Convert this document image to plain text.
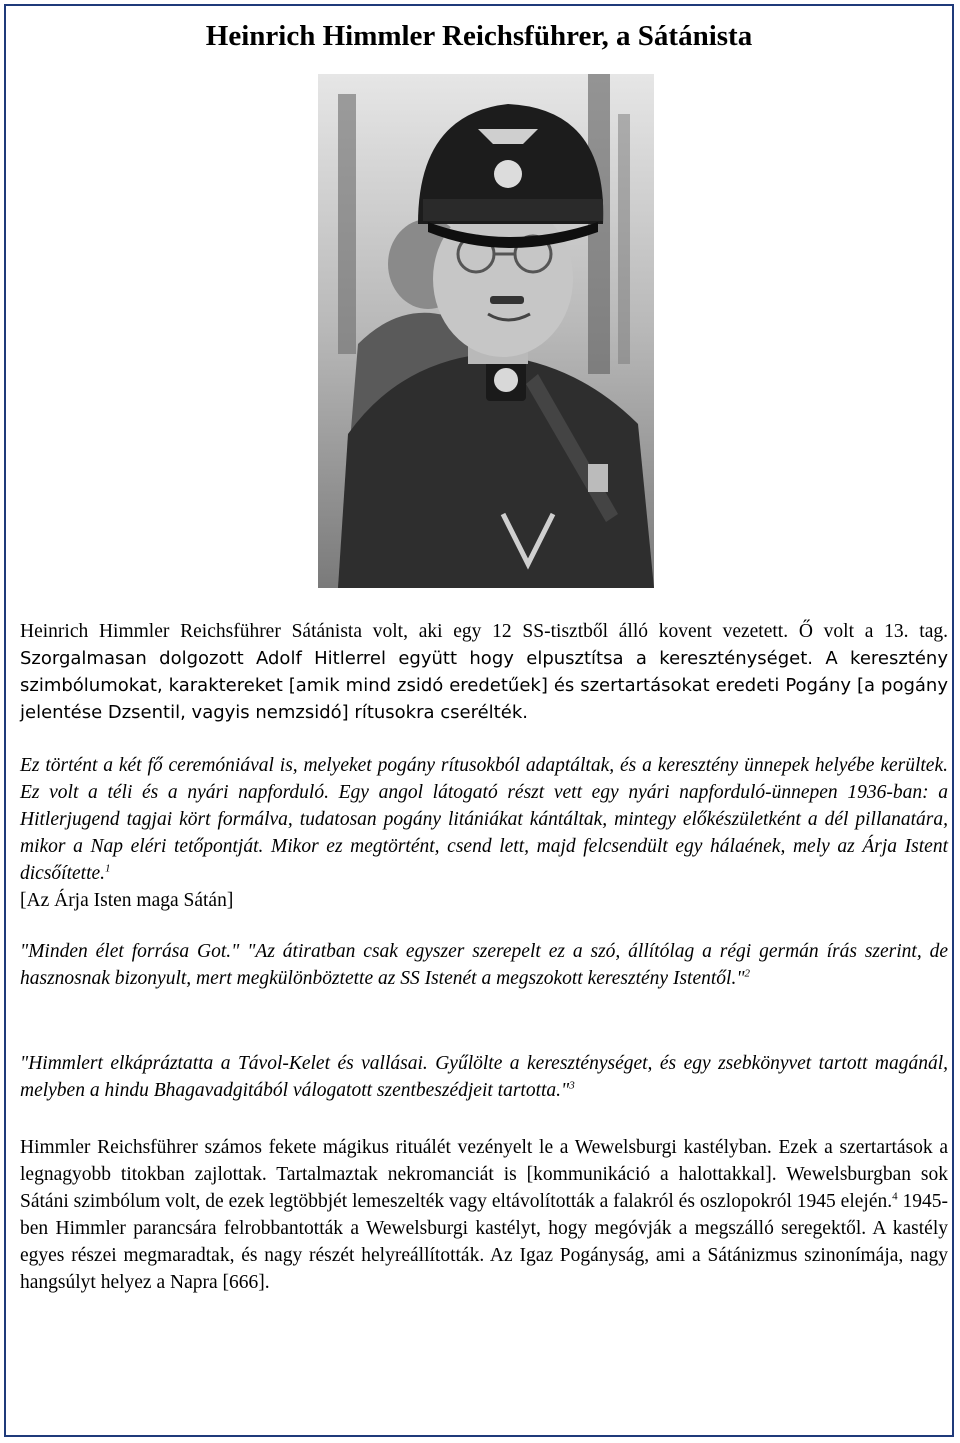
Heinrich Himmler Reichsführer, a Sátánista

Heinrich Himmler Reichsführer Sátánista volt, aki egy 12 SS-tisztből álló kovent vezetett. Ő volt a 13. tag. Szorgalmasan dolgozott Adolf Hitlerrel együtt hogy elpusztítsa a kereszténységet. A keresztény szimbólumokat, karaktereket [amik mind zsidó eredetűek] és szertartásokat eredeti Pogány [a pogány jelentése Dzsentil, vagyis nemzsidó] rítusokra cserélték.

Ez történt a két fő ceremóniával is, melyeket pogány rítusokból adaptáltak, és a keresztény ünnepek helyébe kerültek. Ez volt a téli és a nyári napforduló. Egy angol látogató részt vett egy nyári napforduló-ünnepen 1936-ban: a Hitlerjugend tagjai kört formálva, tudatosan pogány litániákat kántáltak, mintegy előkészületként a dél pillanatára, mikor a Nap eléri tetőpontját. Mikor ez megtörtént, csend lett, majd felcsendült egy hálaének, mely az Árja Istent dicsőítette.$^1$
[Az Árja Isten maga Sátán]

"Minden élet forrása Got." "Az átiratban csak egyszer szerepelt ez a szó, állítólag a régi germán írás szerint, de hasznosnak bizonyult, mert megkülönböztette az SS Istenét a megszokott keresztény Istentől."$^2$

"Himmlert elkápráztatta a Távol-Kelet és vallásai. Gyűlölte a kereszténységet, és egy zsebkönyvet tartott magánál, melyben a hindu Bhagavadgitából válogatott szentbeszédjeit tartotta."$^3$

Himmler Reichsführer számos fekete mágikus rituálét vezényelt le a Wewelsburgi kastélyban. Ezek a szertartások a legnagyobb titokban zajlottak. Tartalmaztak nekromanciát is [kommunikáció a halottakkal]. Wewelsburgban sok Sátáni szimbólum volt, de ezek legtöbbjét lemeszelték vagy eltávolították a falakról és oszlopokról 1945 elején.$^4$ 1945-ben Himmler parancsára felrobbantották a Wewelsburgi kastélyt, hogy megóvják a megszálló seregektől. A kastély egyes részei megmaradtak, és nagy részét helyreállították. Az Igaz Pogányság, ami a Sátánizmus szinonímája, nagy hangsúlyt helyez a Napra [666].
